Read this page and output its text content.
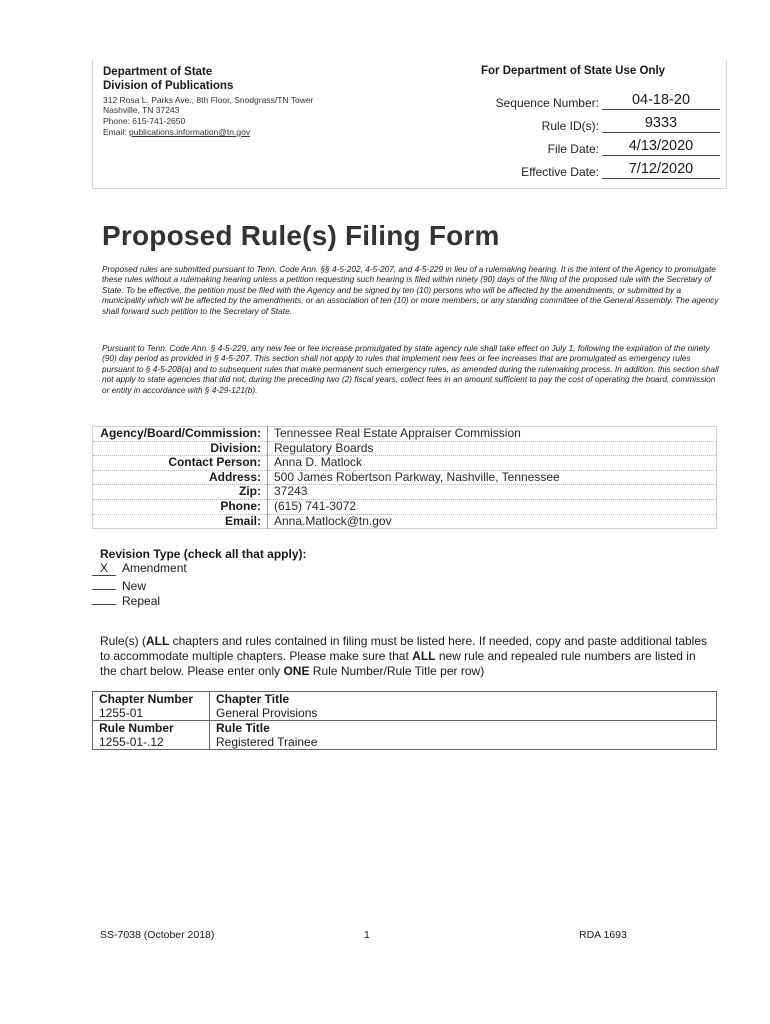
Department of State
Division of Publications
312 Rosa L. Parks Ave., 8th Floor, Snodgrass/TN Tower
Nashville, TN 37243
Phone: 615-741-2650
Email: publications.information@tn.gov
For Department of State Use Only
Sequence Number:	04-18-20
Rule ID(s):	9333
File Date:	4/13/2020
Effective Date:	7/12/2020
Proposed Rule(s) Filing Form
Proposed rules are submitted pursuant to Tenn. Code Ann. §§ 4-5-202, 4-5-207, and 4-5-229 in lieu of a rulemaking hearing. It is the intent of the Agency to promulgate these rules without a rulemaking hearing unless a petition requesting such hearing is filed within ninety (90) days of the filing of the proposed rule with the Secretary of State. To be effective, the petition must be filed with the Agency and be signed by ten (10) persons who will be affected by the amendments, or submitted by a municipality which will be affected by the amendments, or an association of ten (10) or more members, or any standing committee of the General Assembly. The agency shall forward such petition to the Secretary of State.
Pursuant to Tenn. Code Ann. § 4-5-229, any new fee or fee increase promulgated by state agency rule shall take effect on July 1, following the expiration of the ninety (90) day period as provided in § 4-5-207. This section shall not apply to rules that implement new fees or fee increases that are promulgated as emergency rules pursuant to § 4-5-208(a) and to subsequent rules that make permanent such emergency rules, as amended during the rulemaking process. In addition, this section shall not apply to state agencies that did not, during the preceding two (2) fiscal years, collect fees in an amount sufficient to pay the cost of operating the board, commission or entity in accordance with § 4-29-121(b).
Agency/Board/Commission:	Tennessee Real Estate Appraiser Commission
Division:	Regulatory Boards
Contact Person:	Anna D. Matlock
Address:	500 James Robertson Parkway, Nashville, Tennessee
Zip:	37243
Phone:	(615) 741-3072
Email:	Anna.Matlock@tn.gov
Revision Type (check all that apply):
X Amendment
New
Repeal
Rule(s) (ALL chapters and rules contained in filing must be listed here. If needed, copy and paste additional tables to accommodate multiple chapters. Please make sure that ALL new rule and repealed rule numbers are listed in the chart below. Please enter only ONE Rule Number/Rule Title per row)
Chapter Number	Chapter Title
1255-01	General Provisions
Rule Number	Rule Title
1255-01-.12	Registered Trainee
SS-7038 (October 2018)	1	RDA 1693
